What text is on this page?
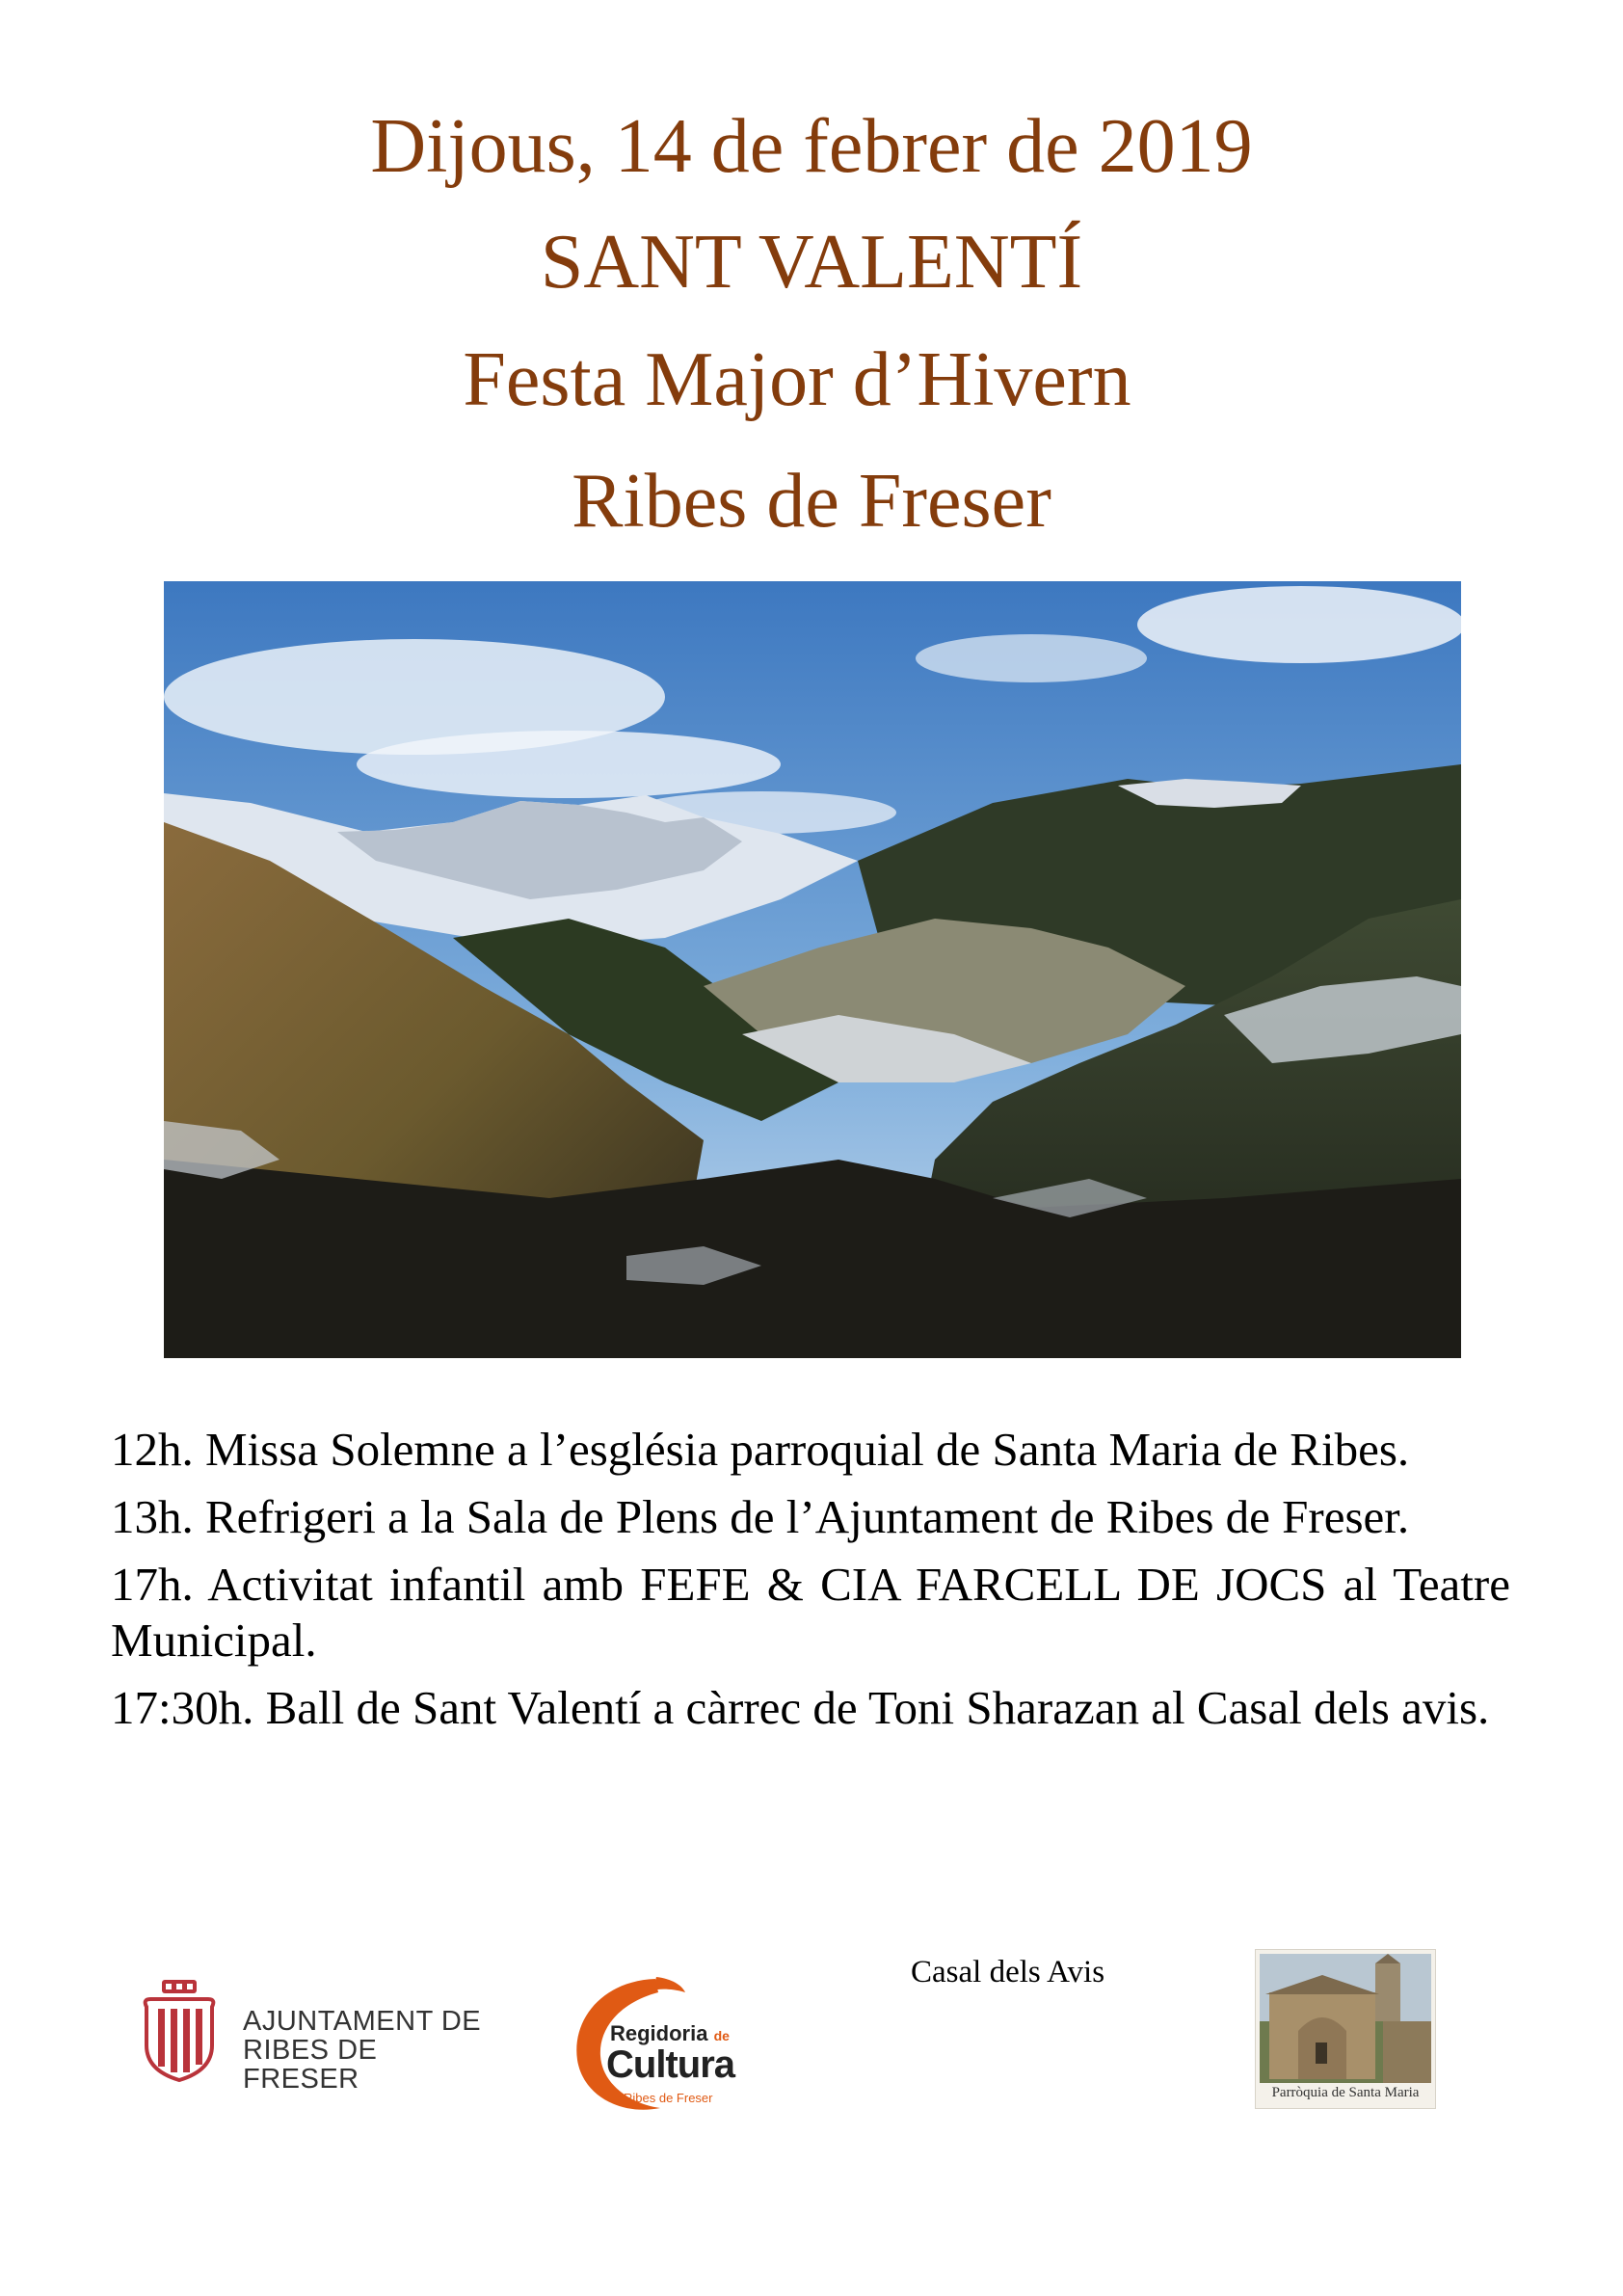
Dijous, 14 de febrer de 2019
SANT VALENTÍ
Festa Major d’Hivern
Ribes de Freser

12h. Missa Solemne a l’església parroquial de Santa Maria de Ribes.

13h. Refrigeri a la Sala de Plens de l’Ajuntament de Ribes de Freser.

17h. Activitat infantil amb FEFE & CIA FARCELL DE JOCS al Teatre Municipal.

17:30h. Ball de Sant Valentí a càrrec de Toni Sharazan al Casal dels avis.

Casal dels Avis
AJUNTAMENT DE
RIBES DE FRESER
Regidoria de
Cultura
Ribes de Freser	Parròquia de Santa Maria
